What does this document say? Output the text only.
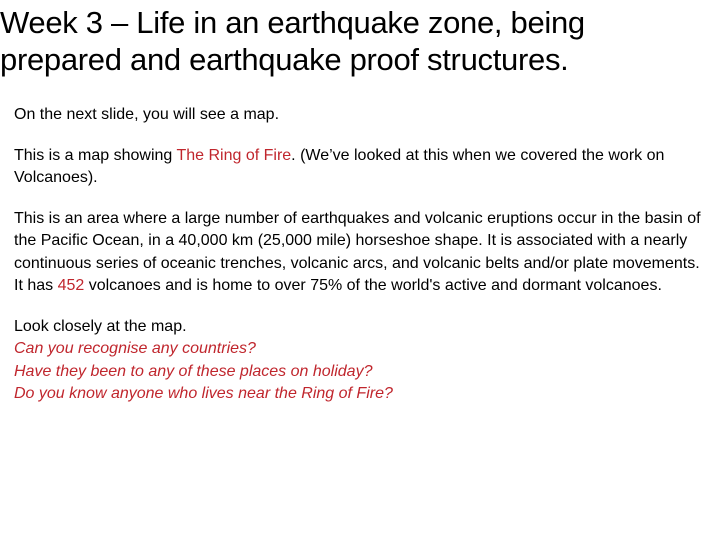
Week 3 – Life in an earthquake zone, being
prepared and earthquake proof structures.

On the next slide, you will see a map.

This is a map showing The Ring of Fire. (We’ve looked at this when we covered the work on Volcanoes).

This is an area where a large number of earthquakes and volcanic eruptions occur in the basin of the Pacific Ocean, in a 40,000 km (25,000 mile) horseshoe shape. It is associated with a nearly continuous series of oceanic trenches, volcanic arcs, and volcanic belts and/or plate movements. It has 452 volcanoes and is home to over 75% of the world's active and dormant volcanoes.

Look closely at the map.
Can you recognise any countries?
Have they been to any of these places on holiday?
Do you know anyone who lives near the Ring of Fire?
